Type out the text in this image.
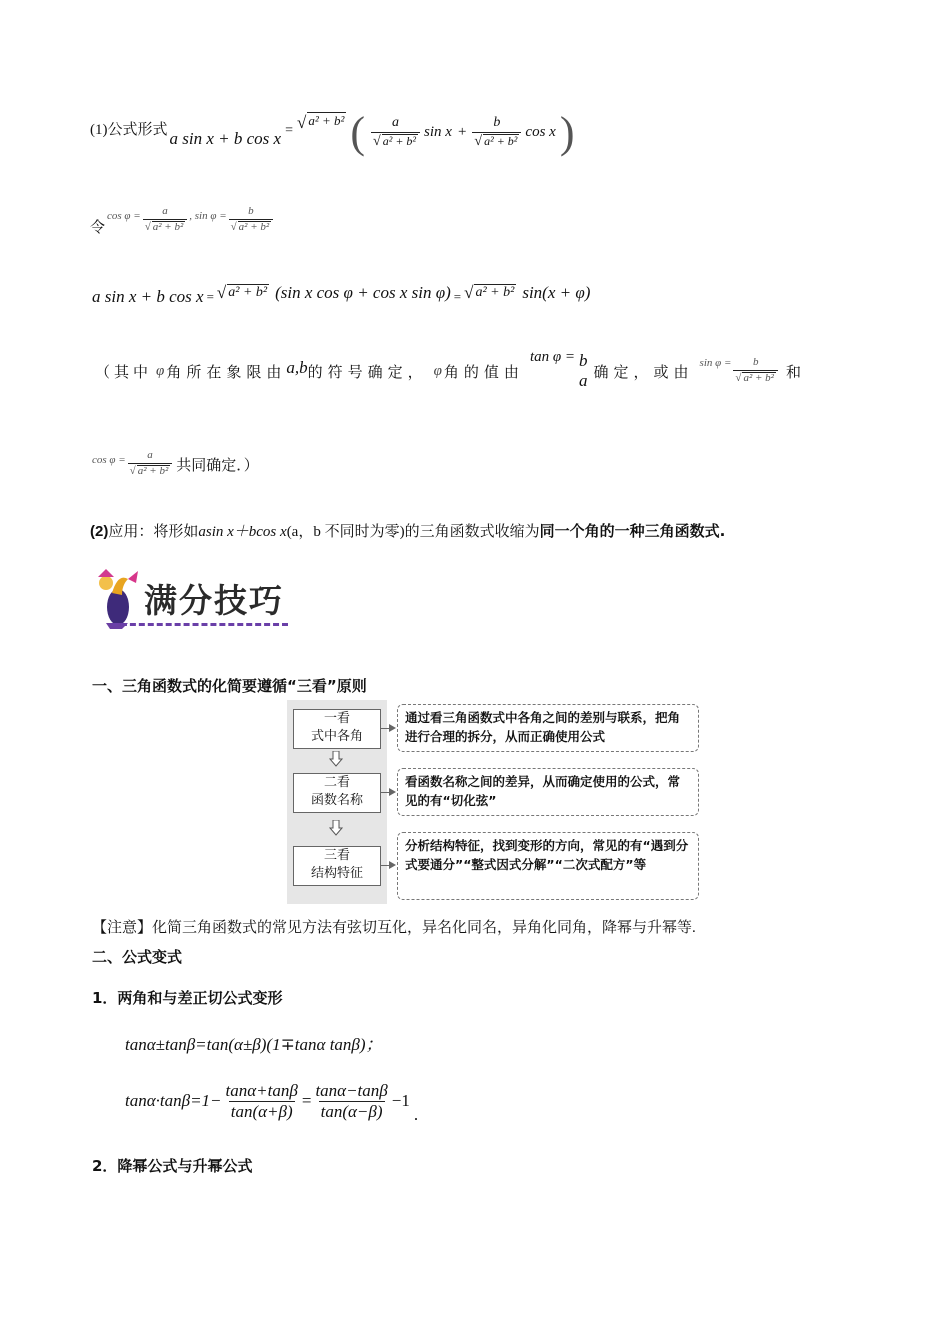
(1)公式形式 a sin x + b cos x = √ a² + b² ( $\frac{a}{\text{√ a² + b²}}$ $\sin x + \frac{b}{\text{√ a² + b²}}$ cos x )
令
$\cos \varphi = \frac{a}{\text{√ a² + b²}}$ , $\sin \varphi = \frac{b}{\text{√ a² + b²}}$
a sin x + b cos x = √ a² + b² (sin x cos φ + cos x sin φ) = √ a² + b² sin(x + φ)
（其中 φ 角所在象限由 a,b 的符号确定， φ 角的值由
tan φ = b
a 确定，或由
$\sin \varphi = \frac{b}{\text{√ a² + b²}}$ 和
$\cos \varphi = \frac{a}{\text{√ a² + b²}}$ 共同确定．）
(2)应用：将形如asin x＋bcos x(a，b 不同时为零)的三角函数式收缩为同一个角的一种三角函数式.
满分技巧
一、三角函数式的化简要遵循“三看”原则
一看
式中各角
二看
函数名称
三看
结构特征
通过看三角函数式中各角之间的差别与联系，把角进行合理的拆分，从而正确使用公式
看函数名称之间的差异，从而确定使用的公式，常见的有“切化弦”
分析结构特征，找到变形的方向，常见的有“遇到分式要通分”“整式因式分解”“二次式配方”等
【注意】化简三角函数式的常见方法有弦切互化，异名化同名，异角化同角，降幂与升幂等.
二、公式变式
1．两角和与差正切公式变形
tanα±tanβ=tan(α±β)(1∓tanα tanβ)；
$\tan\alpha\cdot\tan\beta=1- \frac{\tan\alpha+\tan\beta}{\tan(\alpha+\beta)} = \frac{\tan\alpha-\tan\beta}{\tan(\alpha-\beta)} -1$
.
2．降幂公式与升幂公式
